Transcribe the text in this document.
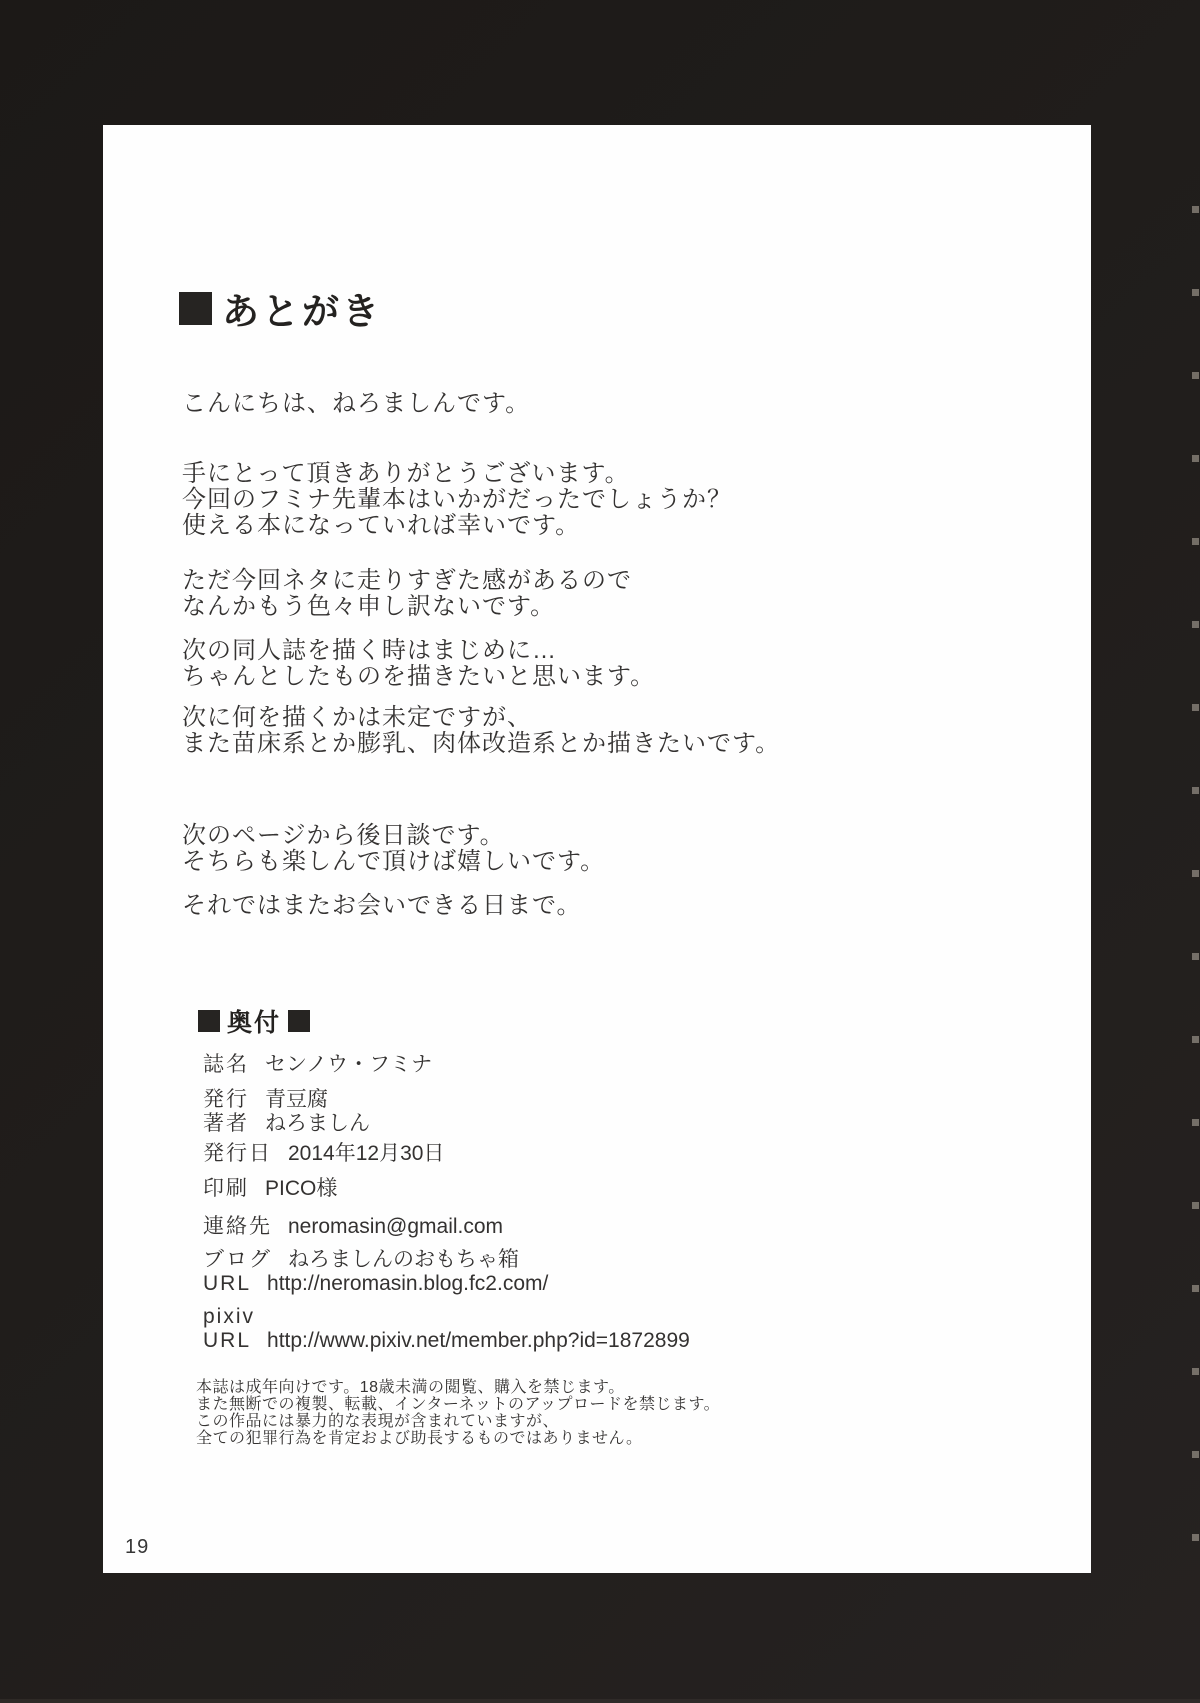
あとがき
こんにちは、ねろましんです。
手にとって頂きありがとうございます。
今回のフミナ先輩本はいかがだったでしょうか？
使える本になっていれば幸いです。
ただ今回ネタに走りすぎた感があるので
なんかもう色々申し訳ないです。
次の同人誌を描く時はまじめに…
ちゃんとしたものを描きたいと思います。
次に何を描くかは未定ですが、
また苗床系とか膨乳、肉体改造系とか描きたいです。
次のページから後日談です。
そちらも楽しんで頂けば嬉しいです。
それではまたお会いできる日まで。
奥付
誌名 センノウ・フミナ
発行 青豆腐
著者 ねろましん
発行日 2014年12月30日
印刷 PICO様
連絡先 neromasin@gmail.com
ブログ ねろましんのおもちゃ箱
URL http://neromasin.blog.fc2.com/
pixiv
URL http://www.pixiv.net/member.php?id=1872899
本誌は成年向けです。18歳未満の閲覧、購入を禁じます。
また無断での複製、転載、インターネットのアップロードを禁じます。
この作品には暴力的な表現が含まれていますが、
全ての犯罪行為を肯定および助長するものではありません。
19
